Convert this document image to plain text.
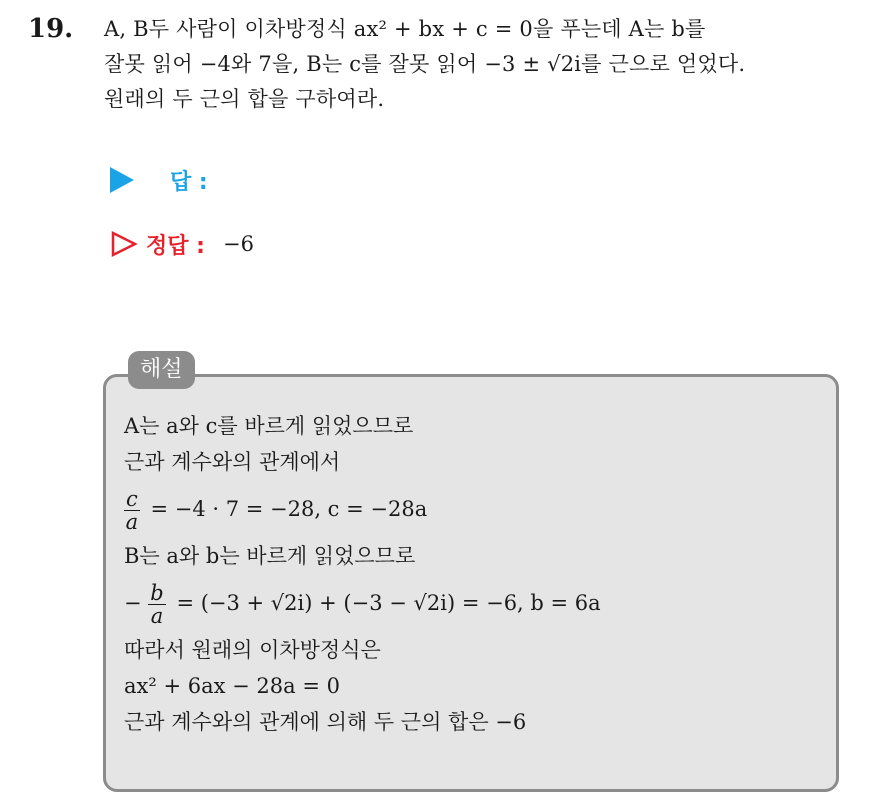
19. A, B두 사람이 이차방정식 ax² + bx + c = 0을 푸는데 A는 b를
잘못 읽어 −4와 7을, B는 c를 잘못 읽어 −3 ± √2i를 근으로 얻었다.
원래의 두 근의 합을 구하여라.
답 :
정답 : −6
해설
A는 a와 c를 바르게 읽었으므로
근과 계수와의 관계에서
$\frac{c}{a} = -4 \cdot 7 = -28$, c = −28a
B는 a와 b는 바르게 읽었으므로
− $\frac{b}{a} = (-3 + √2i) + (-3 - √2i) = -6$, b = 6a
따라서 원래의 이차방정식은
ax² + 6ax − 28a = 0
근과 계수와의 관계에 의해 두 근의 합은 −6
